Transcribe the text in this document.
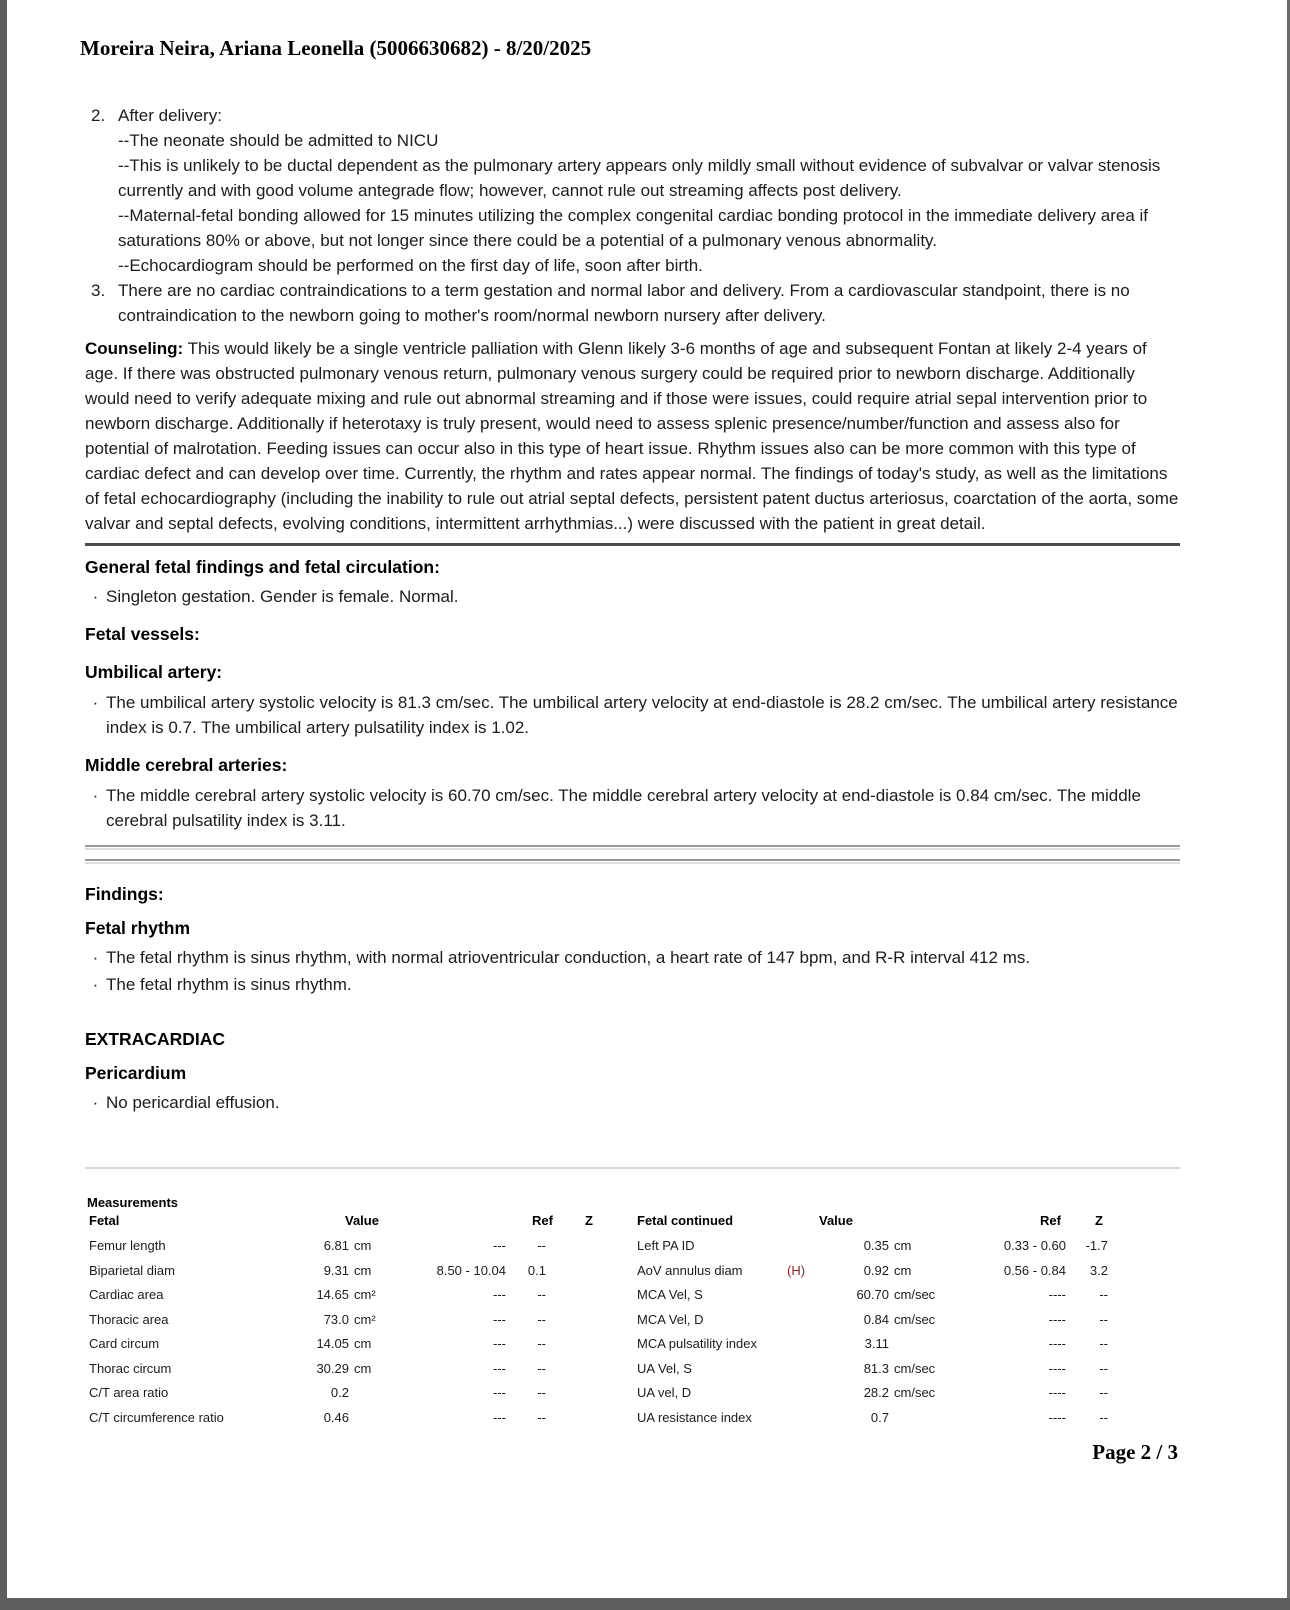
Moreira Neira, Ariana Leonella (5006630682) - 8/20/2025
2. After delivery:
--The neonate should be admitted to NICU
--This is unlikely to be ductal dependent as the pulmonary artery appears only mildly small without evidence of subvalvar or valvar stenosis currently and with good volume antegrade flow; however, cannot rule out streaming affects post delivery.
--Maternal-fetal bonding allowed for 15 minutes utilizing the complex congenital cardiac bonding protocol in the immediate delivery area if saturations 80% or above, but not longer since there could be a potential of a pulmonary venous abnormality.
--Echocardiogram should be performed on the first day of life, soon after birth.
3. There are no cardiac contraindications to a term gestation and normal labor and delivery. From a cardiovascular standpoint, there is no contraindication to the newborn going to mother's room/normal newborn nursery after delivery.

Counseling: This would likely be a single ventricle palliation with Glenn likely 3-6 months of age and subsequent Fontan at likely 2-4 years of age. If there was obstructed pulmonary venous return, pulmonary venous surgery could be required prior to newborn discharge. Additionally would need to verify adequate mixing and rule out abnormal streaming and if those were issues, could require atrial sepal intervention prior to newborn discharge. Additionally if heterotaxy is truly present, would need to assess splenic presence/number/function and assess also for potential of malrotation. Feeding issues can occur also in this type of heart issue. Rhythm issues also can be more common with this type of cardiac defect and can develop over time. Currently, the rhythm and rates appear normal. The findings of today's study, as well as the limitations of fetal echocardiography (including the inability to rule out atrial septal defects, persistent patent ductus arteriosus, coarctation of the aorta, some valvar and septal defects, evolving conditions, intermittent arrhythmias...) were discussed with the patient in great detail.

General fetal findings and fetal circulation:
· Singleton gestation. Gender is female. Normal.
Fetal vessels:
Umbilical artery:
· The umbilical artery systolic velocity is 81.3 cm/sec. The umbilical artery velocity at end-diastole is 28.2 cm/sec. The umbilical artery resistance index is 0.7. The umbilical artery pulsatility index is 1.02.
Middle cerebral arteries:
· The middle cerebral artery systolic velocity is 60.70 cm/sec. The middle cerebral artery velocity at end-diastole is 0.84 cm/sec. The middle cerebral pulsatility index is 3.11.
Findings:
Fetal rhythm
· The fetal rhythm is sinus rhythm, with normal atrioventricular conduction, a heart rate of 147 bpm, and R-R interval 412 ms.
· The fetal rhythm is sinus rhythm.
EXTRACARDIAC
Pericardium
· No pericardial effusion.
Measurements
Fetal	Value	Ref	Z
Femur length	6.81 cm	---	--
Biparietal diam	9.31 cm	8.50 - 10.04	0.1
Cardiac area	14.65 cm²	---	--
Thoracic area	73.0 cm²	---	--
Card circum	14.05 cm	---	--
Thorac circum	30.29 cm	---	--
C/T area ratio	0.2	---	--
C/T circumference ratio	0.46	---	--
Fetal continued	Value	Ref	Z
Left PA ID	0.35 cm	0.33 - 0.60	-1.7
AoV annulus diam	(H)	0.92 cm	0.56 - 0.84	3.2
MCA Vel, S	60.70 cm/sec	----	--
MCA Vel, D	0.84 cm/sec	----	--
MCA pulsatility index	3.11	----	--
UA Vel, S	81.3 cm/sec	----	--
UA vel, D	28.2 cm/sec	----	--
UA resistance index	0.7	----	--
Page 2 / 3
